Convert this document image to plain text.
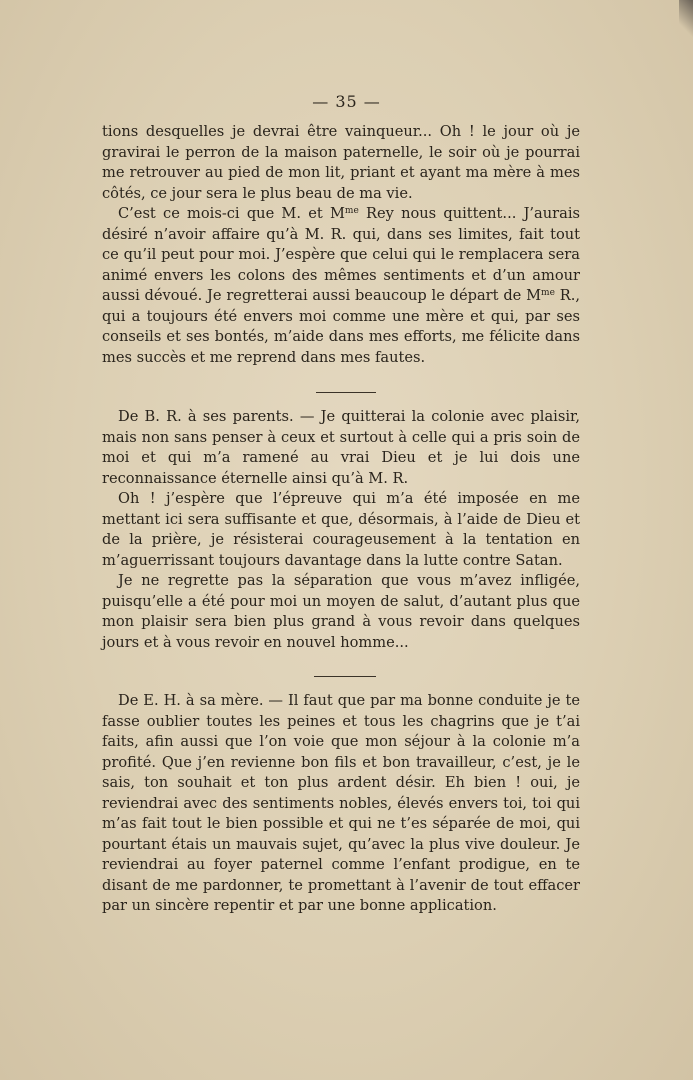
— 35 —

tions desquelles je devrai être vainqueur... Oh ! le jour où je gravirai le perron de la maison paternelle, le soir où je pourrai me retrouver au pied de mon lit, priant et ayant ma mère à mes côtés, ce jour sera le plus beau de ma vie.

C’est ce mois-ci que M. et $M^{me}$ Rey nous quittent... J’aurais désiré n’avoir affaire qu’à M. R. qui, dans ses limites, fait tout ce qu’il peut pour moi. J’espère que celui qui le remplacera sera animé envers les colons des mêmes sentiments et d’un amour aussi dévoué. Je regretterai aussi beaucoup le départ de $M^{me}$ R., qui a toujours été envers moi comme une mère et qui, par ses conseils et ses bontés, m’aide dans mes efforts, me félicite dans mes succès et me reprend dans mes fautes.

De B. R. à ses parents. — Je quitterai la colonie avec plaisir, mais non sans penser à ceux et surtout à celle qui a pris soin de moi et qui m’a ramené au vrai Dieu et je lui dois une reconnaissance éternelle ainsi qu’à M. R.

Oh ! j’espère que l’épreuve qui m’a été imposée en me mettant ici sera suffisante et que, désormais, à l’aide de Dieu et de la prière, je résisterai courageusement à la tentation en m’aguerrissant toujours davantage dans la lutte contre Satan.

Je ne regrette pas la séparation que vous m’avez infligée, puisqu’elle a été pour moi un moyen de salut, d’autant plus que mon plaisir sera bien plus grand à vous revoir dans quelques jours et à vous revoir en nouvel homme...

De E. H. à sa mère. — Il faut que par ma bonne conduite je te fasse oublier toutes les peines et tous les chagrins que je t’ai faits, afin aussi que l’on voie que mon séjour à la colonie m’a profité. Que j’en revienne bon fils et bon travailleur, c’est, je le sais, ton souhait et ton plus ardent désir. Eh bien ! oui, je reviendrai avec des sentiments nobles, élevés envers toi, toi qui m’as fait tout le bien possible et qui ne t’es séparée de moi, qui pourtant étais un mauvais sujet, qu’avec la plus vive douleur. Je reviendrai au foyer paternel comme l’enfant prodigue, en te disant de me pardonner, te promettant à l’avenir de tout effacer par un sincère repentir et par une bonne application.
